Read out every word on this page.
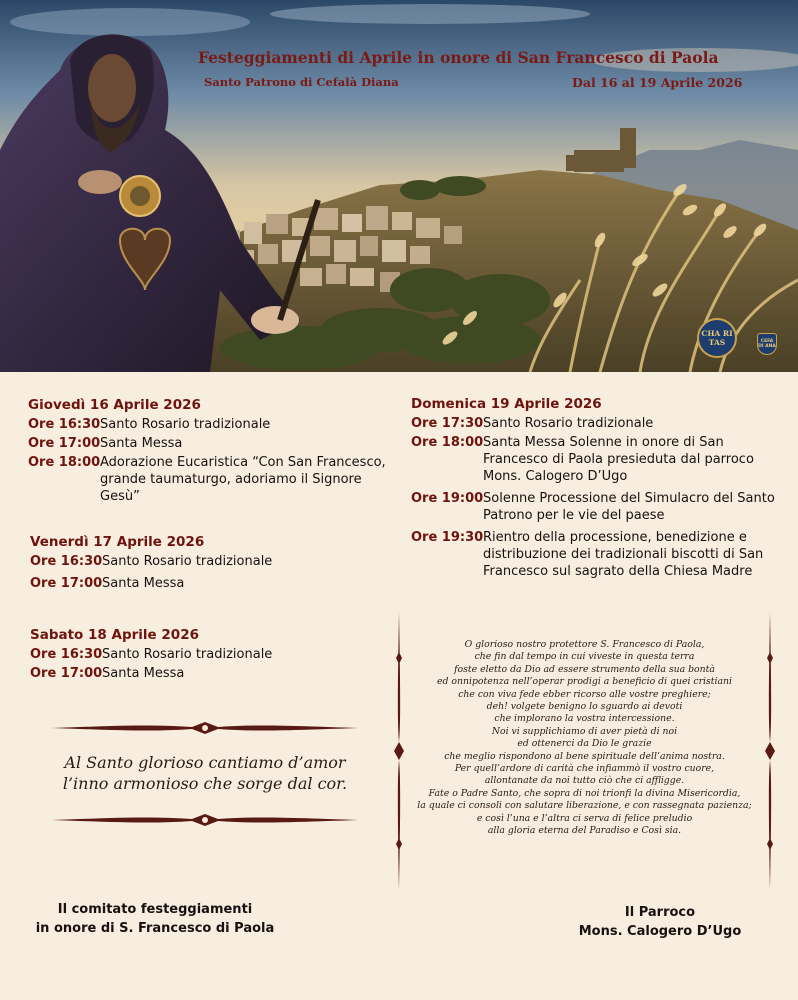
Festeggiamenti di Aprile in onore di San Francesco di Paola
Santo Patrono di Cefalà Diana	Dal 16 al 19 Aprile 2026
CHA RI TAS	CEFA DI ANA
Giovedì 16 Aprile 2026
Ore 16:30 Santo Rosario tradizionale
Ore 17:00 Santa Messa
Ore 18:00 Adorazione Eucaristica “Con San Francesco, grande taumaturgo, adoriamo il Signore Gesù”
Venerdì 17 Aprile 2026
Ore 16:30 Santo Rosario tradizionale
Ore 17:00 Santa Messa
Sabato 18 Aprile 2026
Ore 16:30 Santo Rosario tradizionale
Ore 17:00 Santa Messa
Domenica 19 Aprile 2026
Ore 17:30 Santo Rosario tradizionale
Ore 18:00 Santa Messa Solenne in onore di San Francesco di Paola presieduta dal parroco Mons. Calogero D’Ugo
Ore 19:00 Solenne Processione del Simulacro del Santo Patrono per le vie del paese
Ore 19:30 Rientro della processione, benedizione e distribuzione dei tradizionali biscotti di San Francesco sul sagrato della Chiesa Madre
Al Santo glorioso cantiamo d’amor
l’inno armonioso che sorge dal cor.
O glorioso nostro protettore S. Francesco di Paola,
che fin dal tempo in cui viveste in questa terra
foste eletto da Dio ad essere strumento della sua bontà
ed onnipotenza nell’operar prodigi a beneficio di quei cristiani
che con viva fede ebber ricorso alle vostre preghiere;
deh! volgete benigno lo sguardo ai devoti
che implorano la vostra intercessione.
Noi vi supplichiamo di aver pietà di noi
ed ottenerci da Dio le grazie
che meglio rispondono al bene spirituale dell’anima nostra.
Per quell’ardore di carità che infiammò il vostro cuore,
allontanate da noi tutto ciò che ci affligge.
Fate o Padre Santo, che sopra di noi trionfi la divina Misericordia,
la quale ci consoli con salutare liberazione, e con rassegnata pazienza;
e così l’una e l’altra ci serva di felice preludio
alla gloria eterna del Paradiso e Così sia.
Il comitato festeggiamenti
in onore di S. Francesco di Paola
Il Parroco
Mons. Calogero D’Ugo
